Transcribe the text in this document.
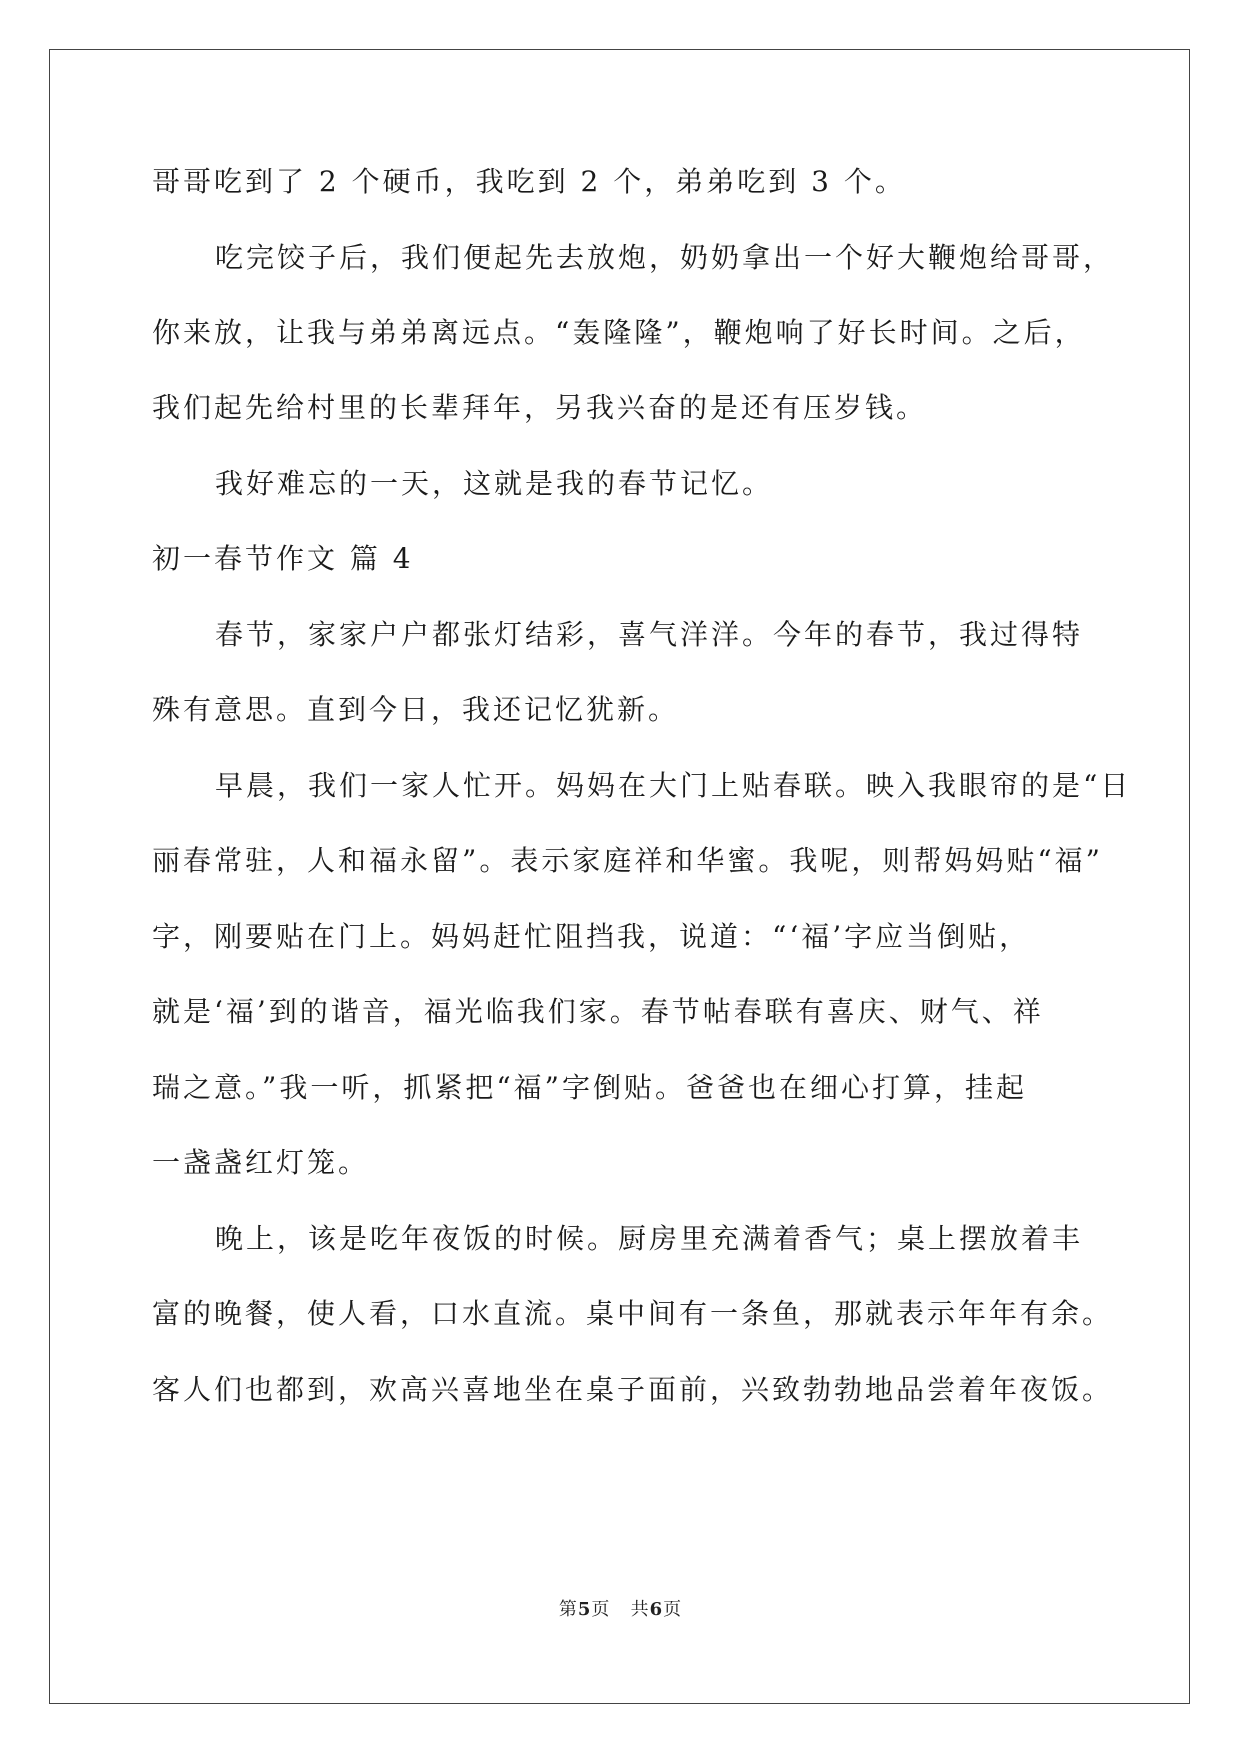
哥哥吃到了 2 个硬币，我吃到 2 个，弟弟吃到 3 个。
吃完饺子后，我们便起先去放炮，奶奶拿出一个好大鞭炮给哥哥，
你来放，让我与弟弟离远点。“轰隆隆”，鞭炮响了好长时间。之后，
我们起先给村里的长辈拜年，另我兴奋的是还有压岁钱。
我好难忘的一天，这就是我的春节记忆。
初一春节作文 篇 4
春节，家家户户都张灯结彩，喜气洋洋。今年的春节，我过得特
殊有意思。直到今日，我还记忆犹新。
早晨，我们一家人忙开。妈妈在大门上贴春联。映入我眼帘的是“日
丽春常驻，人和福永留”。表示家庭祥和华蜜。我呢，则帮妈妈贴“福”
字，刚要贴在门上。妈妈赶忙阻挡我，说道：“‘福’字应当倒贴，
就是‘福’到的谐音，福光临我们家。春节帖春联有喜庆、财气、祥
瑞之意。”我一听，抓紧把“福”字倒贴。爸爸也在细心打算，挂起
一盏盏红灯笼。
晚上，该是吃年夜饭的时候。厨房里充满着香气；桌上摆放着丰
富的晚餐，使人看，口水直流。桌中间有一条鱼，那就表示年年有余。
客人们也都到，欢高兴喜地坐在桌子面前，兴致勃勃地品尝着年夜饭。
第5页 共6页
